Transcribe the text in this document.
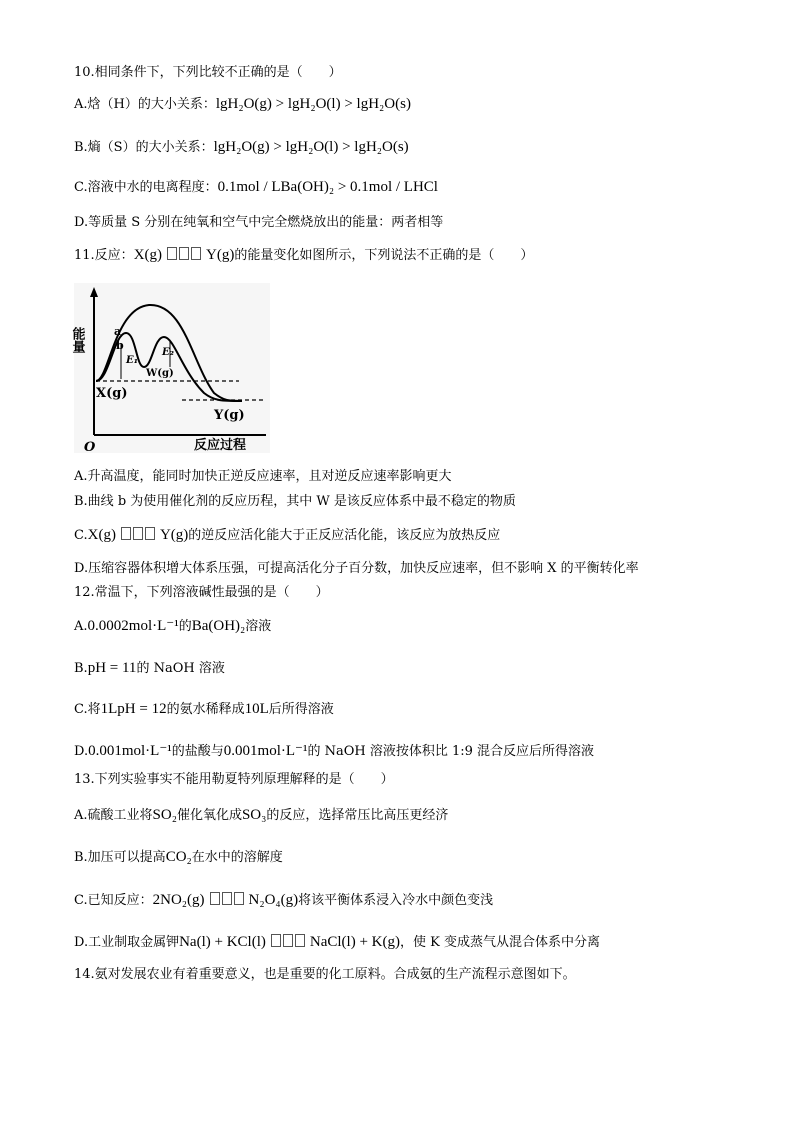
10.相同条件下，下列比较不正确的是（　　）
A.焓（H）的大小关系：lgH₂O(g) > lgH₂O(l) > lgH₂O(s)
B.熵（S）的大小关系：lgH₂O(g) > lgH₂O(l) > lgH₂O(s)
C.溶液中水的电离程度：0.1mol / LBa(OH)₂ > 0.1mol / LHCl
D.等质量 S 分别在纯氧和空气中完全燃烧放出的能量：两者相等
11.反应：X(g)	Y(g)的能量变化如图所示，下列说法不正确的是（　　）
能量
反应过程
O
a
b
E₁
E₂
W(g)
X(g)
Y(g)
A.升高温度，能同时加快正逆反应速率，且对逆反应速率影响更大
B.曲线 b 为使用催化剂的反应历程，其中 W 是该反应体系中最不稳定的物质
C.X(g)	Y(g)的逆反应活化能大于正反应活化能，该反应为放热反应
D.压缩容器体积增大体系压强，可提高活化分子百分数，加快反应速率，但不影响 X 的平衡转化率
12.常温下，下列溶液碱性最强的是（　　）
A.0.0002mol·L⁻¹的Ba(OH)₂溶液
B.pH = 11的 NaOH 溶液
C.将1LpH = 12的氨水稀释成10L后所得溶液
D.0.001mol·L⁻¹的盐酸与0.001mol·L⁻¹的 NaOH 溶液按体积比 1:9 混合反应后所得溶液
13.下列实验事实不能用勒夏特列原理解释的是（　　）
A.硫酸工业将SO₂催化氧化成SO₃的反应，选择常压比高压更经济
B.加压可以提高CO₂在水中的溶解度
C.已知反应：2NO₂(g)	N₂O₄(g)将该平衡体系浸入冷水中颜色变浅
D.工业制取金属钾Na(l) + KCl(l)	NaCl(l) + K(g)，使 K 变成蒸气从混合体系中分离
14.氨对发展农业有着重要意义，也是重要的化工原料。合成氨的生产流程示意图如下。
